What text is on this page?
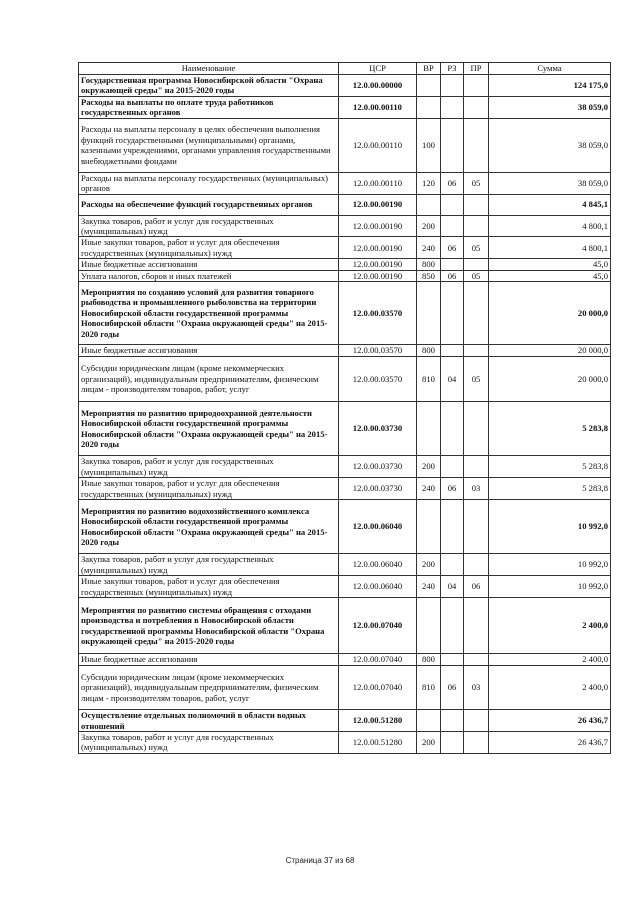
Наименование	ЦСР	ВР	РЗ	ПР	Сумма
Государственная программа Новосибирской области "Охрана окружающей среды" на 2015-2020 годы	12.0.00.00000				124 175,0
Расходы на выплаты по оплате труда работников государственных органов	12.0.00.00110				38 059,0
Расходы на выплаты персоналу в целях обеспечения выполнения функций государственными (муниципальными) органами, казенными учреждениями, органами управления государственными внебюджетными фондами	12.0.00.00110	100			38 059,0
Расходы на выплаты персоналу государственных (муниципальных) органов	12.0.00.00110	120	06	05	38 059,0
Расходы на обеспечение функций государственных органов	12.0.00.00190				4 845,1
Закупка товаров, работ и услуг для государственных (муниципальных) нужд	12.0.00.00190	200			4 800,1
Иные закупки товаров, работ и услуг для обеспечения государственных (муниципальных) нужд	12.0.00.00190	240	06	05	4 800,1
Иные бюджетные ассигнования	12.0.00.00190	800			45,0
Уплата налогов, сборов и иных платежей	12.0.00.00190	850	06	05	45,0
Мероприятия по созданию условий для развития товарного рыбоводства и промышленного рыболовства на территории Новосибирской области государственной программы Новосибирской области "Охрана окружающей среды" на 2015-2020 годы	12.0.00.03570				20 000,0
Иные бюджетные ассигнования	12.0.00.03570	800			20 000,0
Субсидии юридическим лицам (кроме некоммерческих организаций), индивидуальным предпринимателям, физическим лицам - производителям товаров, работ, услуг	12.0.00.03570	810	04	05	20 000,0
Мероприятия по развитию природоохранной деятельности Новосибирской области государственной программы Новосибирской области "Охрана окружающей среды" на 2015-2020 годы	12.0.00.03730				5 283,8
Закупка товаров, работ и услуг для государственных (муниципальных) нужд	12.0.00.03730	200			5 283,8
Иные закупки товаров, работ и услуг для обеспечения государственных (муниципальных) нужд	12.0.00.03730	240	06	03	5 283,8
Мероприятия по развитию водохозяйственного комплекса Новосибирской области государственной программы Новосибирской области "Охрана окружающей среды" на 2015-2020 годы	12.0.00.06040				10 992,0
Закупка товаров, работ и услуг для государственных (муниципальных) нужд	12.0.00.06040	200			10 992,0
Иные закупки товаров, работ и услуг для обеспечения государственных (муниципальных) нужд	12.0.00.06040	240	04	06	10 992,0
Мероприятия по развитию системы обращения с отходами производства и потребления в Новосибирской области государственной программы Новосибирской области "Охрана окружающей среды" на 2015-2020 годы	12.0.00.07040				2 400,0
Иные бюджетные ассигнования	12.0.00.07040	800			2 400,0
Субсидии юридическим лицам (кроме некоммерческих организаций), индивидуальным предпринимателям, физическим лицам - производителям товаров, работ, услуг	12.0.00.07040	810	06	03	2 400,0
Осуществление отдельных полномочий в области водных отношений	12.0.00.51280				26 436,7
Закупка товаров, работ и услуг для государственных (муниципальных) нужд	12.0.00.51280	200			26 436,7
Страница 37 из 68
